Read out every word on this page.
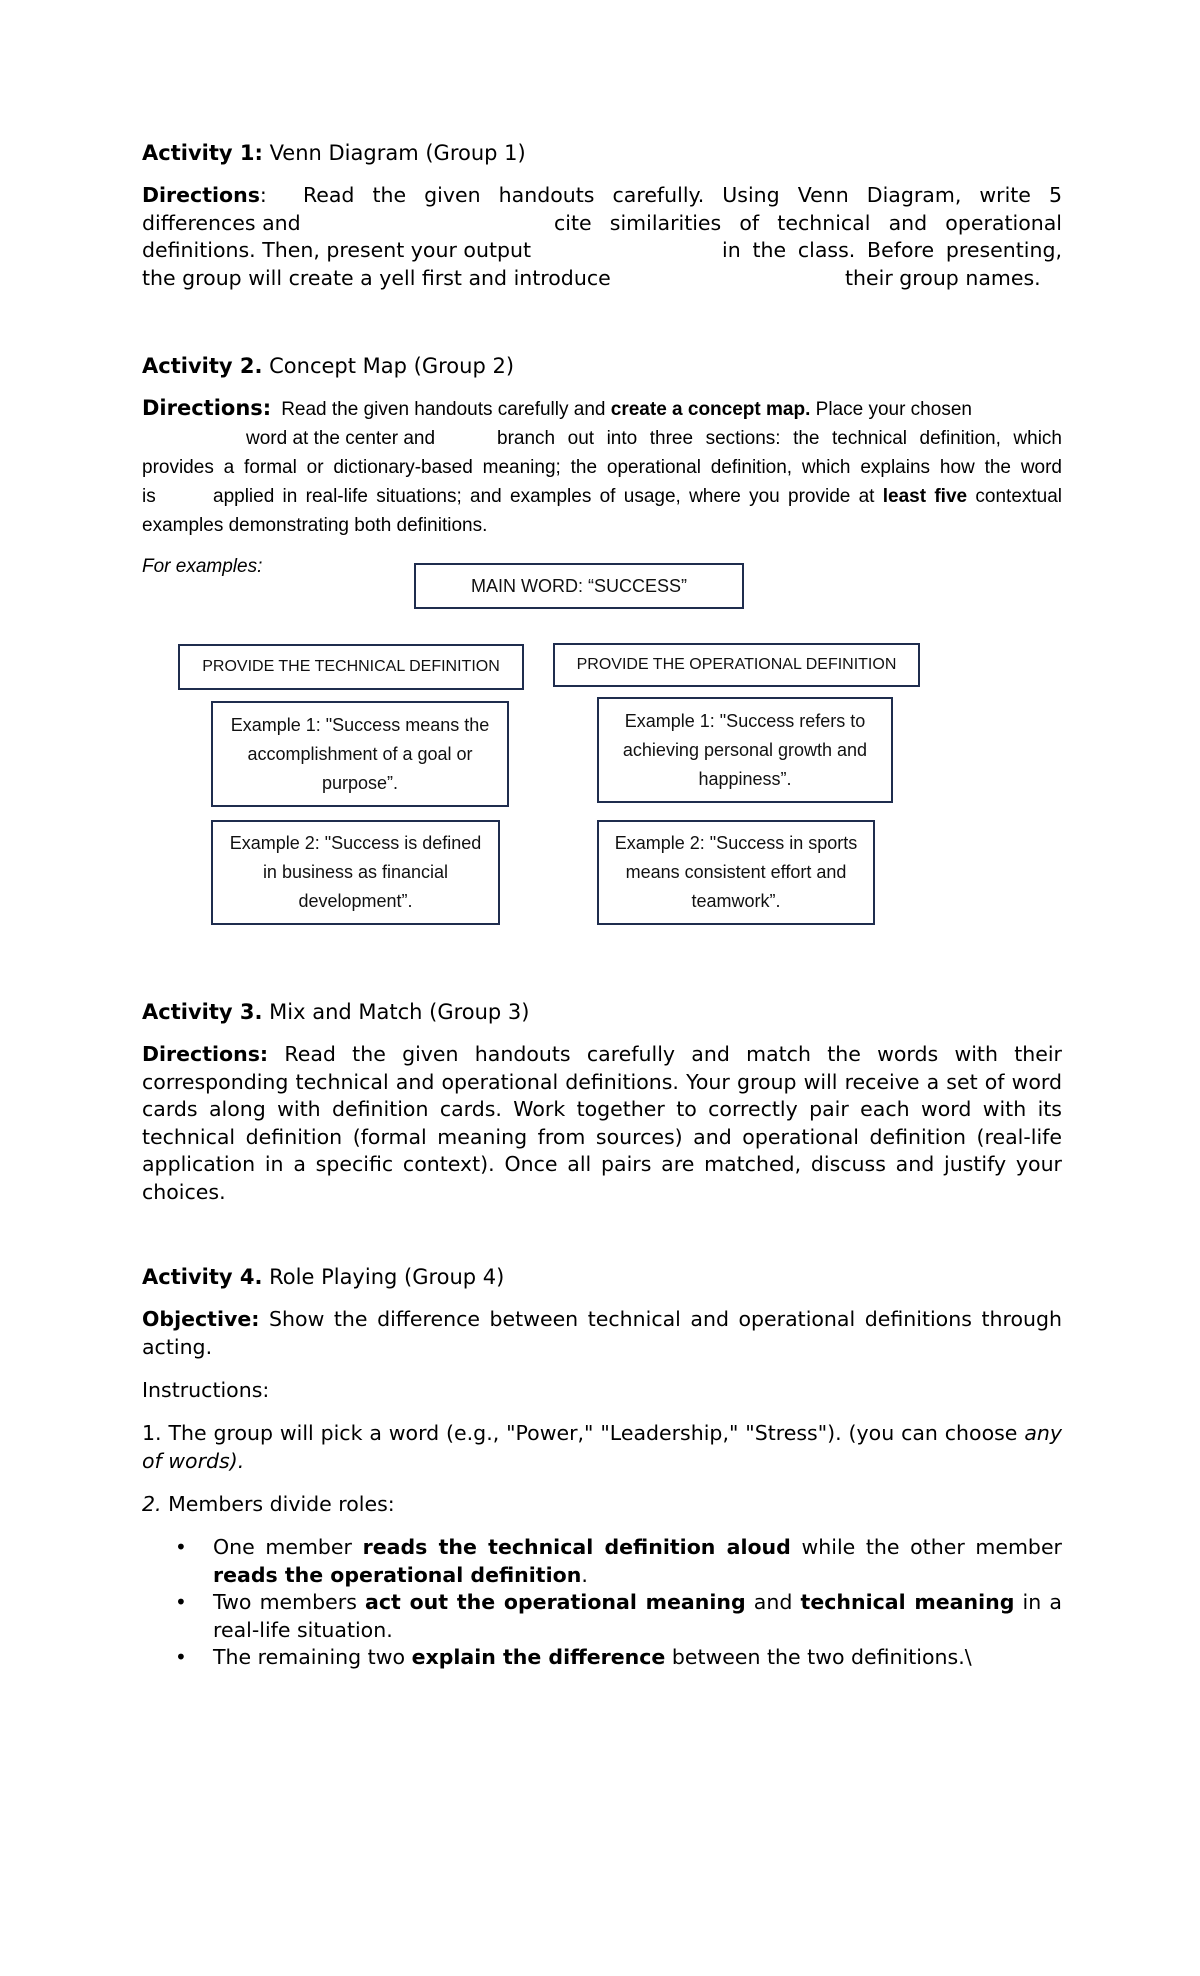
Activity 1: Venn Diagram (Group 1)
Directions: Read the given handouts carefully. Using Venn Diagram, write 5
differences and	cite similarities of technical and operational
definitions. Then, present your output	in the class. Before presenting,
the group will create a yell first and introduce	their group names.
Activity 2. Concept Map (Group 2)
Directions: Read the given handouts carefully and create a concept map. Place your chosen
word at the center and	branch out into three sections: the technical definition, which
provides a formal or dictionary-based meaning; the operational definition, which explains how the word
is	applied in real-life situations; and examples of usage, where you provide at least five contextual
examples demonstrating both definitions.
For examples:
MAIN WORD: “SUCCESS”
PROVIDE THE TECHNICAL DEFINITION	PROVIDE THE OPERATIONAL DEFINITION
Example 1: "Success means the accomplishment of a goal or purpose”.
Example 1: "Success refers to achieving personal growth and happiness”.
Example 2: "Success is defined in business as financial development”.
Example 2: "Success in sports means consistent effort and teamwork”.
Activity 3. Mix and Match (Group 3)
Directions: Read the given handouts carefully and match the words with their corresponding technical and operational definitions. Your group will receive a set of word cards along with definition cards. Work together to correctly pair each word with its technical definition (formal meaning from sources) and operational definition (real-life application in a specific context). Once all pairs are matched, discuss and justify your choices.
Activity 4. Role Playing (Group 4)
Objective: Show the difference between technical and operational definitions through acting.
Instructions:
1. The group will pick a word (e.g., "Power," "Leadership," "Stress"). (you can choose any of words).
2. Members divide roles:
• One member reads the technical definition aloud while the other member reads the operational definition.
• Two members act out the operational meaning and technical meaning in a real-life situation.
• The remaining two explain the difference between the two definitions.\
